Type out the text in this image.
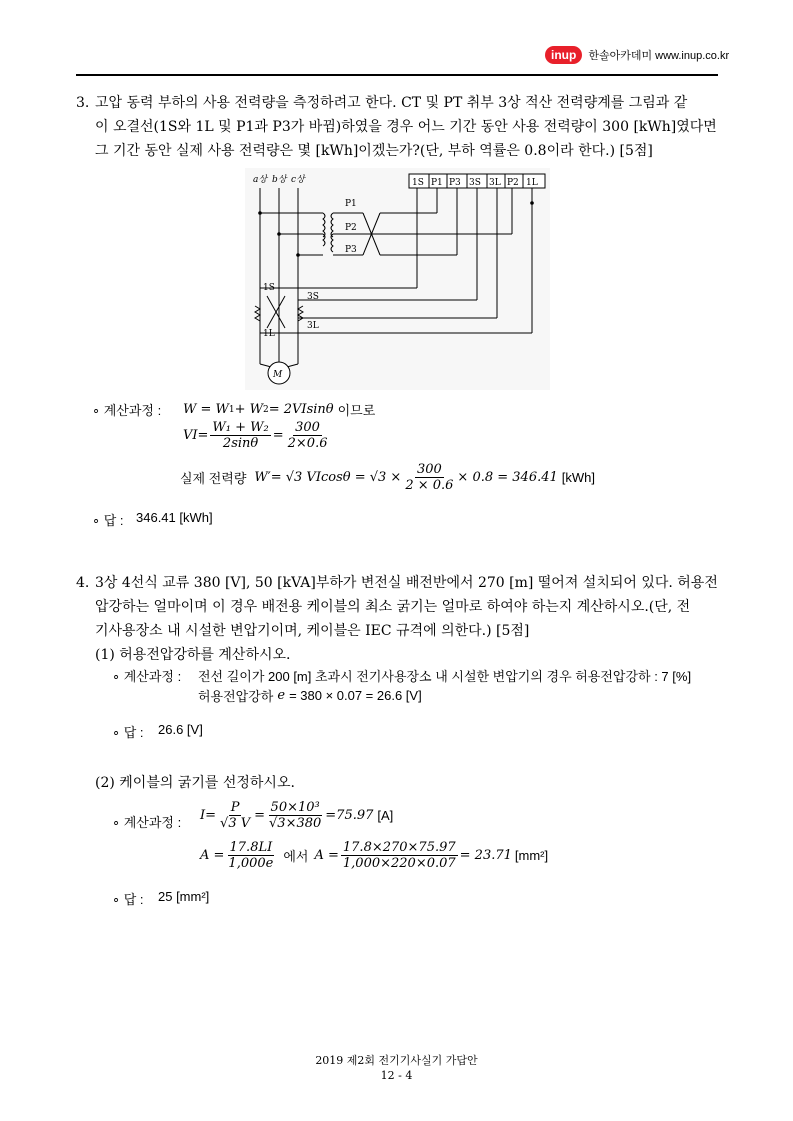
inup	한솔아카데미 www.inup.co.kr
3. 고압 동력 부하의 사용 전력량을 측정하려고 한다. CT 및 PT 취부 3상 적산 전력량계를 그림과 같
이 오결선(1S와 1L 및 P1과 P3가 바뀜)하였을 경우 어느 기간 동안 사용 전력량이 300 [kWh]였다면
그 기간 동안 실제 사용 전력량은 몇 [kWh]이겠는가?(단, 부하 역률은 0.8이라 한다.) [5점]
a상 b상 c상
M
P1
P2
P3
1S
1L
3S
3L
1S P1 P3 3S 3L P2 1L
∘ 계산과정 : W = W 1 + W 2 = 2VIsinθ 이므로
$VI= \frac{\text{W₁ + W₂}}{2\sin\theta} = \frac{300}{2\times 0.6}$
실제 전력량 W′= √3 $VIcos\theta = √3 \times \frac{300}{2 \times 0.6} \times 0.8 = 346.41$ [kWh]
∘ 답 : 346.41 [kWh]
4. 3상 4선식 교류 380 [V], 50 [kVA]부하가 변전실 배전반에서 270 [m] 떨어져 설치되어 있다. 허용전
압강하는 얼마이며 이 경우 배전용 케이블의 최소 굵기는 얼마로 하여야 하는지 계산하시오.(단, 전
기사용장소 내 시설한 변압기이며, 케이블은 IEC 규격에 의한다.) [5점]
(1) 허용전압강하를 계산하시오.
∘ 계산과정 : 전선 길이가 200 [m] 초과시 전기사용장소 내 시설한 변압기의 경우 허용전압강하 : 7 [%]
허용전압강하 e = 380 × 0.07 = 26.6 [V]
∘ 답 : 26.6 [V]
(2) 케이블의 굵기를 선정하시오.
∘ 계산과정 : $I= \frac{P}{√3 V} = \frac{\text{50×10³}}{√3\times 380} =75.97$ [A]
$A = \frac{17.8LI}{1,000e}$ 에서 $A = \frac{17.8\times 270\times 75.97}{1,000\times 220\times 0.07} = 23.71$ [mm²]
∘ 답 : 25 [mm²]
2019 제2회 전기기사실기 가답안
12 - 4
